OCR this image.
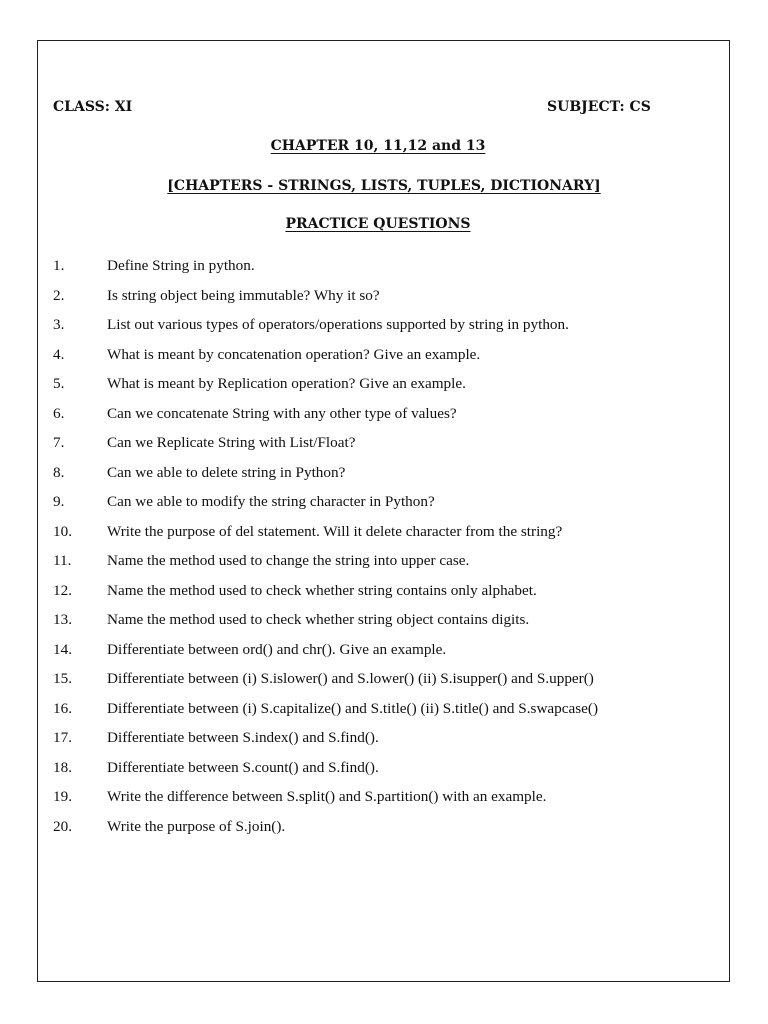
CLASS: XI	SUBJECT: CS
CHAPTER 10, 11,12 and 13
[CHAPTERS - STRINGS, LISTS, TUPLES, DICTIONARY]
PRACTICE QUESTIONS
1.	Define String in python.
2.	Is string object being immutable? Why it so?
3.	List out various types of operators/operations supported by string in python.
4.	What is meant by concatenation operation? Give an example.
5.	What is meant by Replication operation? Give an example.
6.	Can we concatenate String with any other type of values?
7.	Can we Replicate String with List/Float?
8.	Can we able to delete string in Python?
9.	Can we able to modify the string character in Python?
10.	Write the purpose of del statement. Will it delete character from the string?
11.	Name the method used to change the string into upper case.
12.	Name the method used to check whether string contains only alphabet.
13.	Name the method used to check whether string object contains digits.
14.	Differentiate between ord() and chr(). Give an example.
15.	Differentiate between (i) S.islower() and S.lower() (ii) S.isupper() and S.upper()
16.	Differentiate between (i) S.capitalize() and S.title() (ii) S.title() and S.swapcase()
17.	Differentiate between S.index() and S.find().
18.	Differentiate between S.count() and S.find().
19.	Write the difference between S.split() and S.partition() with an example.
20.	Write the purpose of S.join().
